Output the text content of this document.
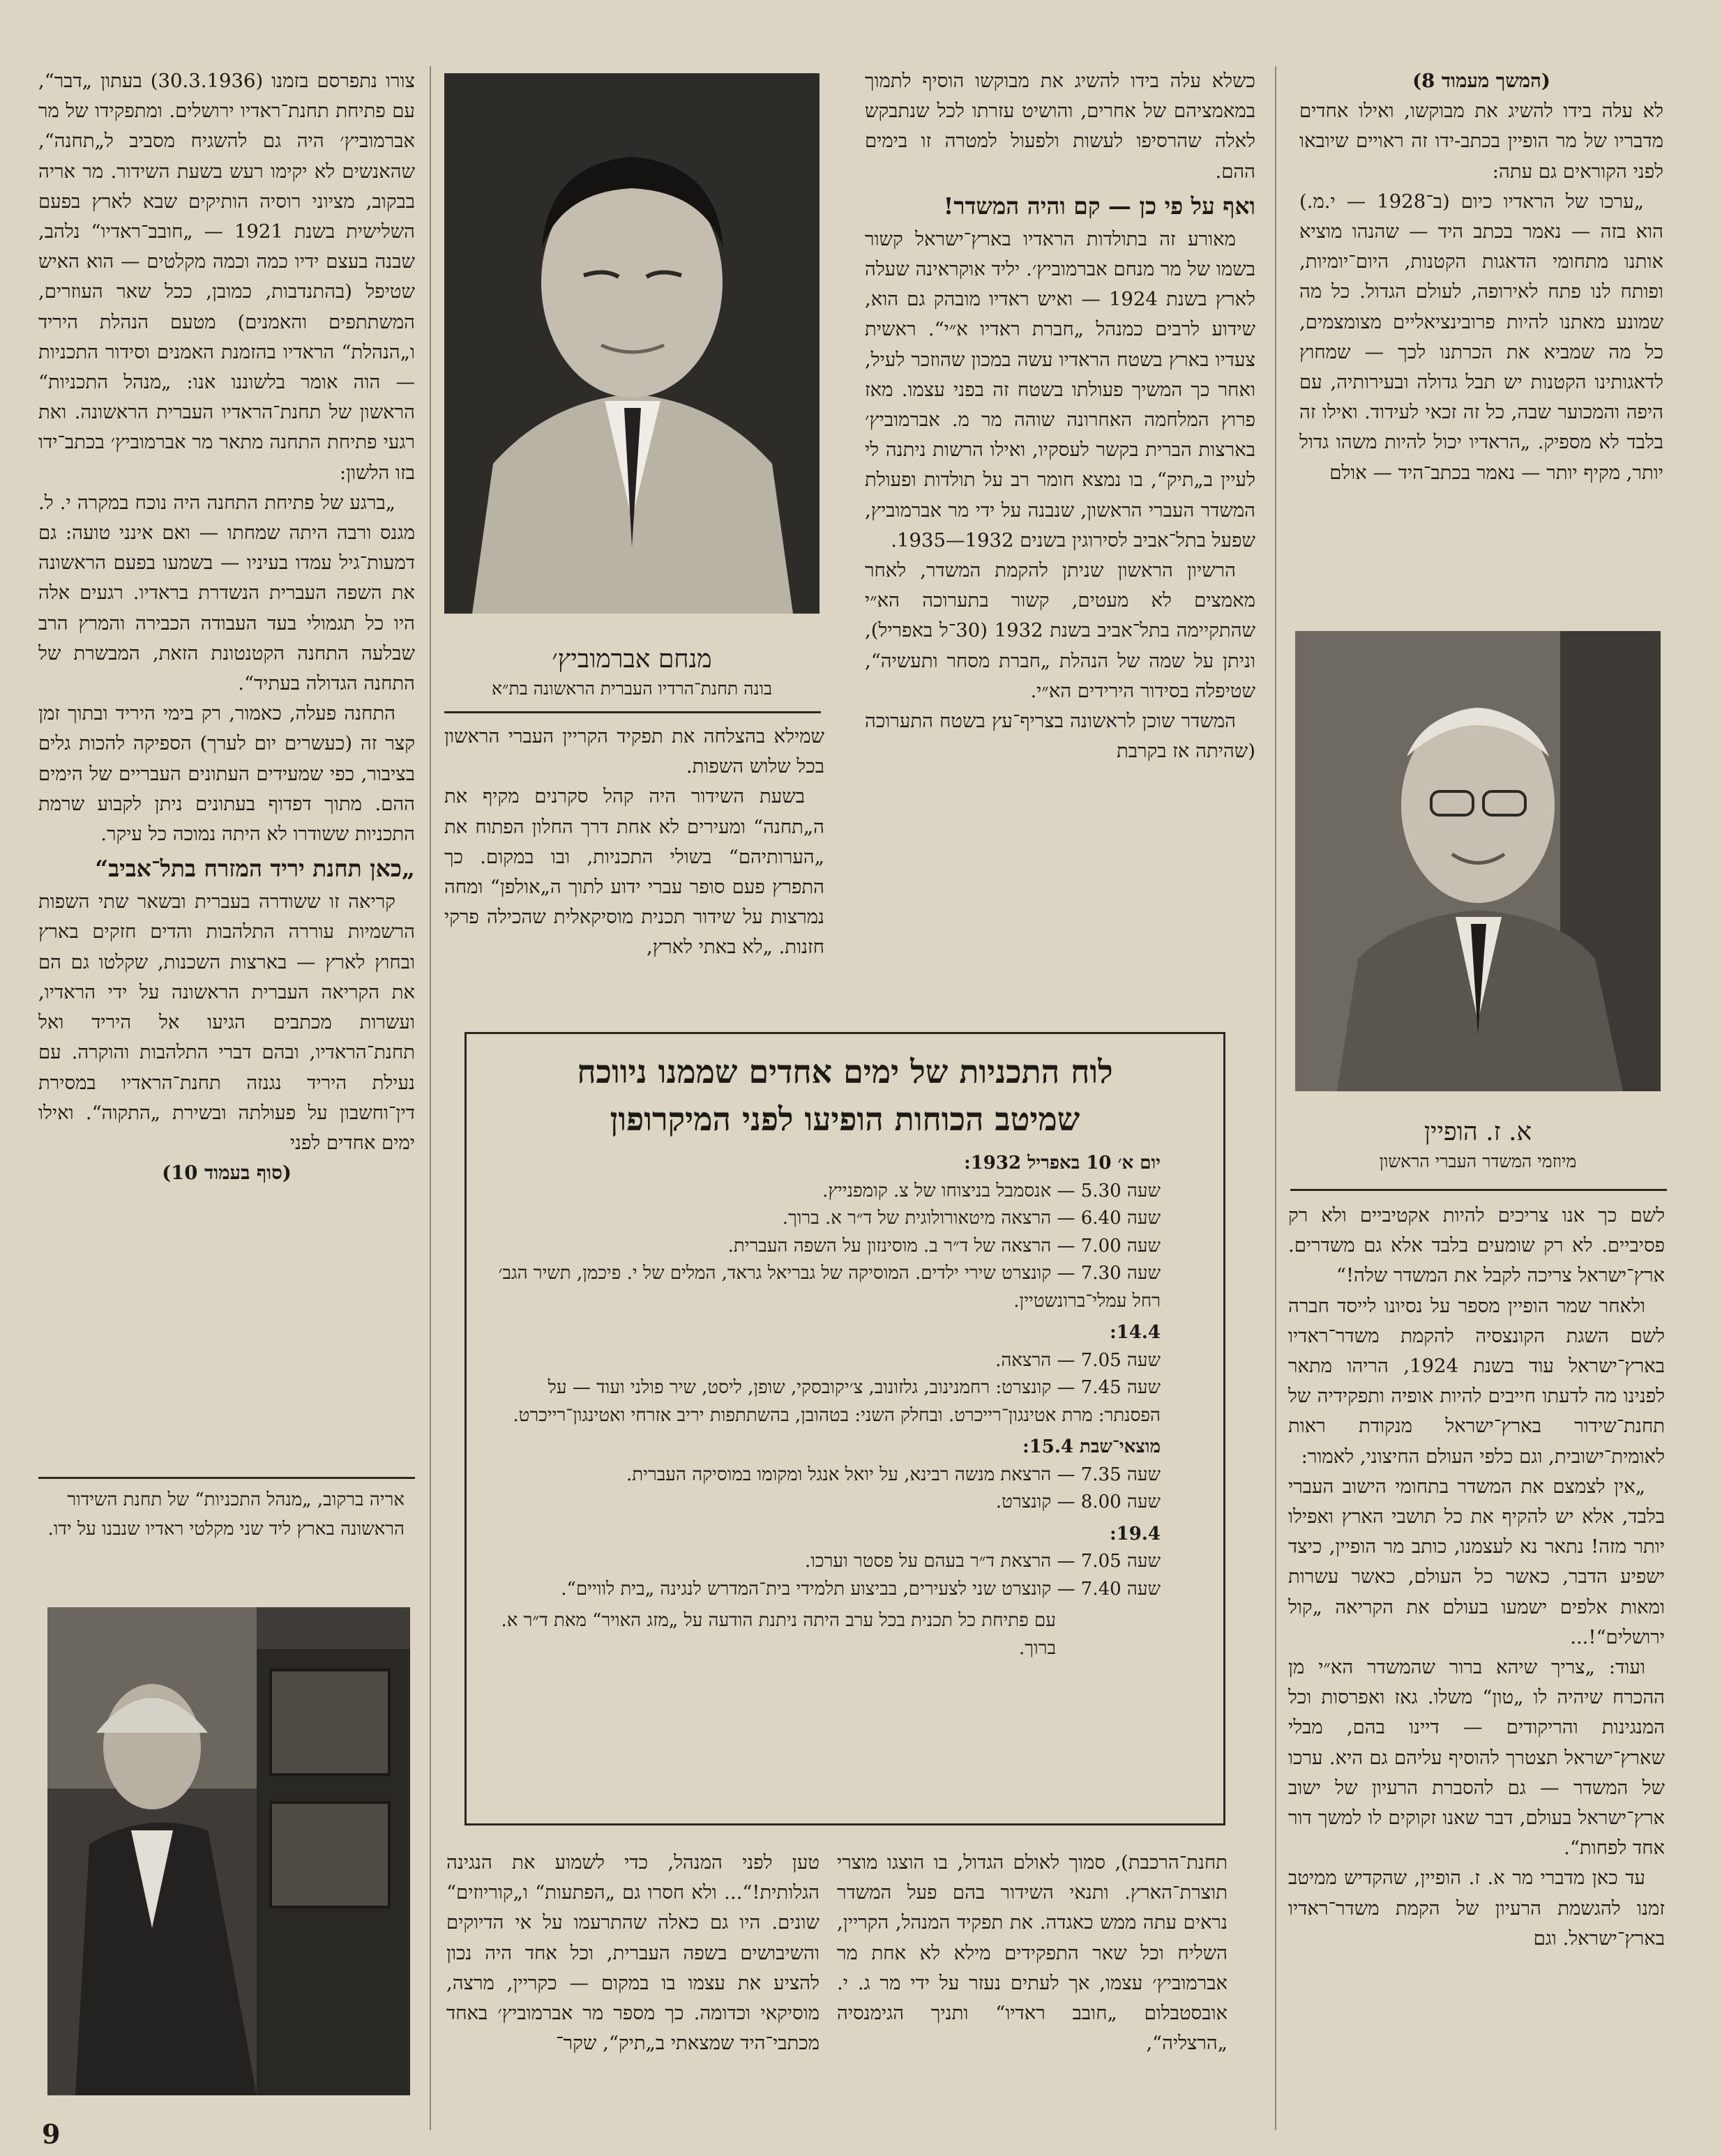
(המשך מעמוד 8)

לא עלה בידו להשיג את מבוקשו, ואילו אחדים מדבריו של מר הופיין בכתב-ידו זה ראויים שיובאו לפני הקוראים גם עתה:

„ערכו של הראדיו כיום (ב־1928 — י.מ.) הוא בזה — נאמר בכתב היד — שהנהו מוציא אותנו מתחומי הדאגות הקטנות, היום־יומיות, ופותח לנו פתח לאירופה, לעולם הגדול. כל מה שמונע מאתנו להיות פרובינציאליים מצומצמים, כל מה שמביא את הכרתנו לכך — שמחוץ לדאגותינו הקטנות יש תבל גדולה ובעירותיה, עם היפה והמכוער שבה, כל זה זכאי לעידוד. ואילו זה בלבד לא מספיק. „הראדיו יכול להיות משהו גדול יותר, מקיף יותר — נאמר בכתב־היד — אולם

א. ז. הופיין
מיוזמי המשדר העברי הראשון

לשם כך אנו צריכים להיות אקטיביים ולא רק פסיביים. לא רק שומעים בלבד אלא גם משדרים. ארץ־ישראל צריכה לקבל את המשדר שלה!“

ולאחר שמר הופיין מספר על נסיונו לייסד חברה לשם השגת הקונצסיה להקמת משדר־ראדיו בארץ־ישראל עוד בשנת 1924, הריהו מתאר לפנינו מה לדעתו חייבים להיות אופיה ותפקידיה של תחנת־שידור בארץ־ישראל מנקודת ראות לאומית־ישובית, וגם כלפי העולם החיצוני, לאמור:

„אין לצמצם את המשדר בתחומי הישוב העברי בלבד, אלא יש להקיף את כל תושבי הארץ ואפילו יותר מזה! נתאר נא לעצמנו, כותב מר הופיין, כיצד ישפיע הדבר, כאשר כל העולם, כאשר עשרות ומאות אלפים ישמעו בעולם את הקריאה „קול ירושלים“!...

ועוד: „צריך שיהא ברור שהמשדר הא״י מן ההכרח שיהיה לו „טון“ משלו. גאז ואפרסות וכל המנגינות והריקודים — דיינו בהם, מבלי שארץ־ישראל תצטרך להוסיף עליהם גם היא. ערכו של המשדר — גם להסברת הרעיון של ישוב ארץ־ישראל בעולם, דבר שאנו זקוקים לו למשך דור אחד לפחות“.

עד כאן מדברי מר א. ז. הופיין, שהקדיש ממיטב זמנו להגשמת הרעיון של הקמת משדר־ראדיו בארץ־ישראל. וגם

כשלא עלה בידו להשיג את מבוקשו הוסיף לתמוך במאמציהם של אחרים, והושיט עזרתו לכל שנתבקש לאלה שהרסיפו לעשות ולפעול למטרה זו בימים ההם.

ואף על פי כן — קם והיה המשדר!

מאורע זה בתולדות הראדיו בארץ־ישראל קשור בשמו של מר מנחם אברמוביץ׳. יליד אוקראינה שעלה לארץ בשנת 1924 — ואיש ראדיו מובהק גם הוא, שידוע לרבים כמנהל „חברת ראדיו א״י“. ראשית צעדיו בארץ בשטח הראדיו עשה במכון שהוזכר לעיל, ואחר כך המשיך פעולתו בשטח זה בפני עצמו. מאז פרוץ המלחמה האחרונה שוהה מר מ. אברמוביץ׳ בארצות הברית בקשר לעסקיו, ואילו הרשות ניתנה לי לעיין ב„תיק“, בו נמצא חומר רב על תולדות ופעולת המשדר העברי הראשון, שנבנה על ידי מר אברמוביץ, שפעל בתל־אביב לסירוגין בשנים 1932—1935.

הרשיון הראשון שניתן להקמת המשדר, לאחר מאמצים לא מעטים, קשור בתערוכה הא״י שהתקיימה בתל־אביב בשנת 1932 (30־ל באפריל), וניתן על שמה של הנהלת „חברת מסחר ותעשיה“, שטיפלה בסידור הירידים הא״י.

המשדר שוכן לראשונה בצריף־עץ בשטח התערוכה (שהיתה אז בקרבת

מנחם אברמוביץ׳
בונה תחנת־הרדיו העברית הראשונה בת״א

שמילא בהצלחה את תפקיד הקריין העברי הראשון בכל שלוש השפות.

בשעת השידור היה קהל סקרנים מקיף את ה„תחנה“ ומעירים לא אחת דרך החלון הפתוח את „הערותיהם“ בשולי התכניות, ובו במקום. כך התפרץ פעם סופר עברי ידוע לתוך ה„אולפן“ ומחה נמרצות על שידור תכנית מוסיקאלית שהכילה פרקי חזנות. „לא באתי לארץ,

צורו נתפרסם בזמנו (30.3.1936) בעתון „דבר“, עם פתיחת תחנת־ראדיו ירושלים. ומתפקידו של מר אברמוביץ׳ היה גם להשגיח מסביב ל„תחנה“, שהאנשים לא יקימו רעש בשעת השידור. מר אריה בבקוב, מציוני רוסיה הותיקים שבא לארץ בפעם השלישית בשנת 1921 — „חובב־ראדיו“ נלהב, שבנה בעצם ידיו כמה וכמה מקלטים — הוא האיש שטיפל (בהתנדבות, כמובן, ככל שאר העוזרים, המשתתפים והאמנים) מטעם הנהלת היריד ו„הנהלת“ הראדיו בהזמנת האמנים וסידור התכניות — הוה אומר בלשוננו אנו: „מנהל התכניות“ הראשון של תחנת־הראדיו העברית הראשונה. ואת רגעי פתיחת התחנה מתאר מר אברמוביץ׳ בכתב־ידו בזו הלשון:

„ברגע של פתיחת התחנה היה נוכח במקרה י. ל. מגנס ורבה היתה שמחתו — ואם אינני טועה: גם דמעות־גיל עמדו בעיניו — בשמעו בפעם הראשונה את השפה העברית הנשדרת בראדיו. רגעים אלה היו כל תגמולי בעד העבודה הכבירה והמרץ הרב שבלעה התחנה הקטנטונת הזאת, המבשרת של התחנה הגדולה בעתיד“.

התחנה פעלה, כאמור, רק בימי היריד ובתוך זמן קצר זה (כעשרים יום לערך) הספיקה להכות גלים בציבור, כפי שמעידים העתונים העבריים של הימים ההם. מתוך דפדוף בעתונים ניתן לקבוע שרמת התכניות ששודרו לא היתה נמוכה כל עיקר.

„כאן תחנת יריד המזרח בתל־אביב“

קריאה זו ששודרה בעברית ובשאר שתי השפות הרשמיות עוררה התלהבות והדים חזקים בארץ ובחוץ לארץ — בארצות השכנות, שקלטו גם הם את הקריאה העברית הראשונה על ידי הראדיו, ועשרות מכתבים הגיעו אל היריד ואל תחנת־הראדיו, ובהם דברי התלהבות והוקרה. עם נעילת היריד נגנזה תחנת־הראדיו במסירת דין־וחשבון על פעולתה ובשירת „התקוה“. ואילו ימים אחדים לפני

(סוף בעמוד 10)

אריה ברקוב, „מנהל התכניות“ של תחנת השידור הראשונה בארץ ליד שני מקלטי ראדיו שנבנו על ידו.
לוח התכניות של ימים אחדים שממנו ניווכח
שמיטב הכוחות הופיעו לפני המיקרופון
יום א׳ 10 באפריל 1932:
שעה 5.30 — אנסמבל בניצוחו של צ. קומפנייץ.
שעה 6.40 — הרצאה מיטאורולוגית של ד״ר א. ברוך.
שעה 7.00 — הרצאה של ד״ר ב. מוסינזון על השפה העברית.
שעה 7.30 — קונצרט שירי ילדים. המוסיקה של גבריאל גראד, המלים של י. פיכמן, תשיר הגב׳ רחל עמלי־ברונשטיין.
14.4:
שעה 7.05 — הרצאה.
שעה 7.45 — קונצרט: רחמנינוב, גלזונוב, צ׳יקובסקי, שופן, ליסט, שיר פולני ועוד — על הפסנתר: מרת אטינגון־רייכרט. ובחלק השני: בטהובן, בהשתתפות יריב אזרחי ואטינגון־רייכרט.
מוצאי־שבת 15.4:
שעה 7.35 — הרצאת מנשה רבינא, על יואל אנגל ומקומו במוסיקה העברית.
שעה 8.00 — קונצרט.
19.4:
שעה 7.05 — הרצאת ד״ר בעהם על פסטר וערכו.
שעה 7.40 — קונצרט שני לצעירים, בביצוע תלמידי בית־המדרש לנגינה „בית לוויים“.
עם פתיחת כל תכנית בכל ערב היתה ניתנת הודעה על „מזג האויר“ מאת ד״ר א. ברוך.

תחנת־הרכבת), סמוך לאולם הגדול, בו הוצגו מוצרי תוצרת־הארץ. ותנאי השידור בהם פעל המשדר נראים עתה ממש כאגדה. את תפקיד המנהל, הקריין, השליח וכל שאר התפקידים מילא לא אחת מר אברמוביץ׳ עצמו, אך לעתים נעזר על ידי מר ג. י. אובסטבלום „חובב ראדיו“ ותניך הגימנסיה „הרצליה“,

טען לפני המנהל, כדי לשמוע את הנגינה הגלותית!“... ולא חסרו גם „הפתעות“ ו„קוריוזים“ שונים. היו גם כאלה שהתרעמו על אי הדיוקים והשיבושים בשפה העברית, וכל אחד היה נכון להציע את עצמו בו במקום — כקריין, מרצה, מוסיקאי וכדומה. כך מספר מר אברמוביץ׳ באחד מכתבי־היד שמצאתי ב„תיק“, שקר־

9
